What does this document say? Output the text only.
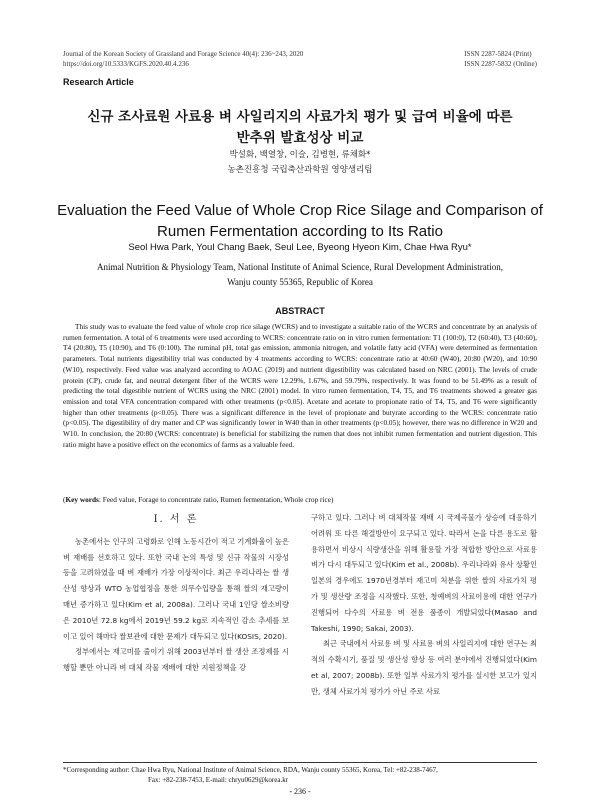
Journal of the Korean Society of Grassland and Forage Science 40(4): 236~243, 2020
https://doi.org/10.5333/KGFS.2020.40.4.236
ISSN 2287-5824 (Print)
ISSN 2287-5832 (Online)
Research Article
신규 조사료원 사료용 벼 사일리지의 사료가치 평가 및 급여 비율에 따른
반추위 발효성상 비교
박설화, 백열창, 이슬, 김병현, 류채화*
농촌진흥청 국립축산과학원 영양생리팀
Evaluation the Feed Value of Whole Crop Rice Silage and Comparison of
Rumen Fermentation according to Its Ratio
Seol Hwa Park, Youl Chang Baek, Seul Lee, Byeong Hyeon Kim, Chae Hwa Ryu*
Animal Nutrition & Physiology Team, National Institute of Animal Science, Rural Development Administration,
Wanju county 55365, Republic of Korea
ABSTRACT
This study was to evaluate the feed value of whole crop rice silage (WCRS) and to investigate a suitable ratio of the WCRS and concentrate by an analysis of rumen fermentation. A total of 6 treatments were used according to WCRS: concentrate ratio on in vitro rumen fermentation: T1 (100:0), T2 (60:40), T3 (40:60), T4 (20:80), T5 (10:90), and T6 (0:100). The ruminal pH, total gas emission, ammonia nitrogen, and volatile fatty acid (VFA) were determined as fermentation parameters. Total nutrients digestibility trial was conducted by 4 treatments according to WCRS: concentrate ratio at 40:60 (W40), 20:80 (W20), and 10:90 (W10), respectively. Feed value was analyzed according to AOAC (2019) and nutrient digestibility was calculated based on NRC (2001). The levels of crude protein (CP), crude fat, and neutral detergent fiber of the WCRS were 12.29%, 1.67%, and 59.79%, respectively. It was found to be 51.49% as a result of predicting the total digestible nutrient of WCRS using the NRC (2001) model. In vitro rumen fermentation, T4, T5, and T6 treatments showed a greater gas emission and total VFA concentration compared with other treatments (p<0.05). Acetate and acetate to propionate ratio of T4, T5, and T6 were significantly higher than other treatments (p<0.05). There was a significant difference in the level of propionate and butyrate according to the WCRS: concentrate ratio (p<0.05). The digestibility of dry matter and CP was significantly lower in W40 than in other treatments (p<0.05); however, there was no difference in W20 and W10. In conclusion, the 20:80 (WCRS: concentrate) is beneficial for stabilizing the rumen that does not inhibit rumen fermentation and nutrient digestion. This ratio might have a positive effect on the economics of farms as a valuable feed.
(Key words: Feed value, Forage to concentrate ratio, Rumen fermentation, Whole crop rice)
Ⅰ. 서 론

농촌에서는 인구의 고령화로 인해 노동시간이 적고 기계화율이 높은 벼 재배를 선호하고 있다. 또한 국내 논의 특성 및 신규 작물의 시장성 등을 고려하였을 때 벼 재배가 가장 이상적이다. 최근 우리나라는 쌀 생산성 향상과 WTO 농업협정을 통한 의무수입량을 통해 쌀의 재고량이 매년 증가하고 있다(Kim et al, 2008a). 그러나 국내 1인당 쌀소비량은 2010년 72.8 kg에서 2019년 59.2 kg로 지속적인 감소 추세를 보이고 있어 해마다 쌀보관에 대한 문제가 대두되고 있다(KOSIS, 2020).

정부에서는 재고미를 줄이기 위해 2003년부터 쌀 생산 조정제를 시행할 뿐만 아니라 벼 대체 작물 재배에 대한 지원정책을 강

구하고 있다. 그러나 벼 대체작물 재배 시 국제곡물가 상승에 대응하기 어려워 또 다른 해결방안이 요구되고 있다. 따라서 논을 다른 용도로 활용하면서 비상시 식량생산을 위해 활용할 가장 적합한 방안으로 사료용 벼가 다시 대두되고 있다(Kim et al., 2008b). 우리나라와 유사 상황인 일본의 경우에도 1970년경부터 재고미 처분을 위한 쌀의 사료가치 평가 및 생산량 조정을 시작했다. 또한, 청예벼의 사료이용에 대한 연구가 진행되어 다수의 사료용 벼 전용 품종이 개발되었다(Masao and Takeshi, 1990; Sakai, 2003).

최근 국내에서 사료용 벼 및 사료용 벼의 사일리지에 대한 연구는 최적의 수확시기, 품질 및 생산성 향상 등 여러 분야에서 진행되었다(Kim et al, 2007; 2008b). 또한 일부 사료가치 평가를 실시한 보고가 있지만, 생체 사료가치 평가가 아닌 주로 사료

*Corresponding author: Chae Hwa Ryu, National Institute of Animal Science, RDA, Wanju county 55365, Korea, Tel: +82-238-7467,
Fax: +82-238-7453, E-mail: chryu0629@korea.kr
- 236 -
